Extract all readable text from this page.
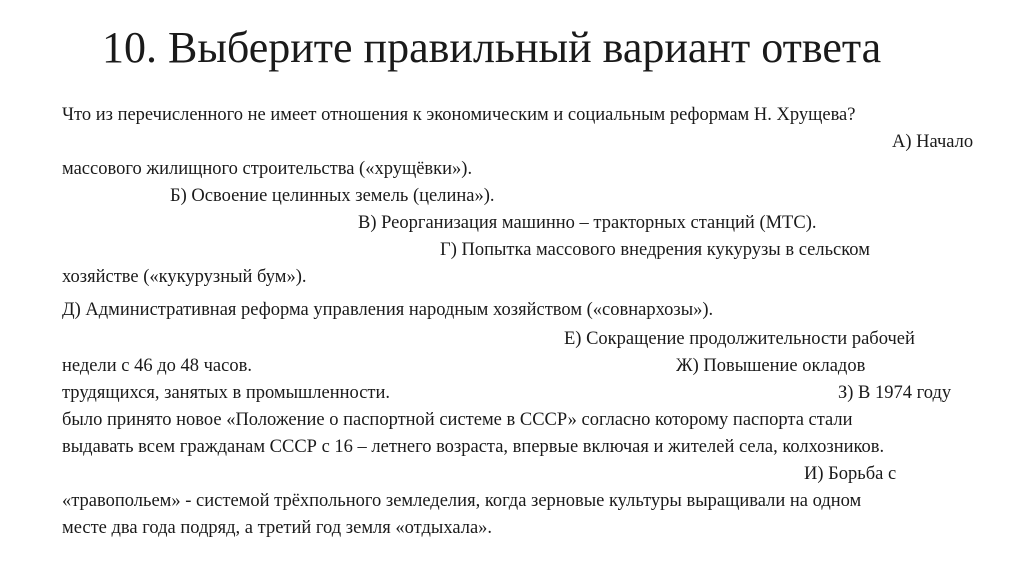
10. Выберите правильный вариант ответа
Что из перечисленного не имеет отношения к экономическим и социальным реформам Н. Хрущева?
А) Начало
массового жилищного строительства («хрущёвки»).
Б) Освоение целинных земель (целина»).
В) Реорганизация машинно – тракторных станций (МТС).
Г) Попытка массового внедрения кукурузы в сельском
хозяйстве («кукурузный бум»).
Д) Административная реформа управления народным хозяйством («совнархозы»).
Е) Сокращение продолжительности рабочей
недели с 46 до 48 часов.	Ж) Повышение окладов
трудящихся, занятых в промышленности.	З) В 1974 году
было принято новое «Положение о паспортной системе в СССР» согласно которому паспорта стали
выдавать всем гражданам СССР с 16 – летнего возраста, впервые включая и жителей села, колхозников.
И) Борьба с
«травопольем» - системой трёхпольного земледелия, когда зерновые культуры выращивали на одном
месте два года подряд, а третий год земля «отдыхала».
